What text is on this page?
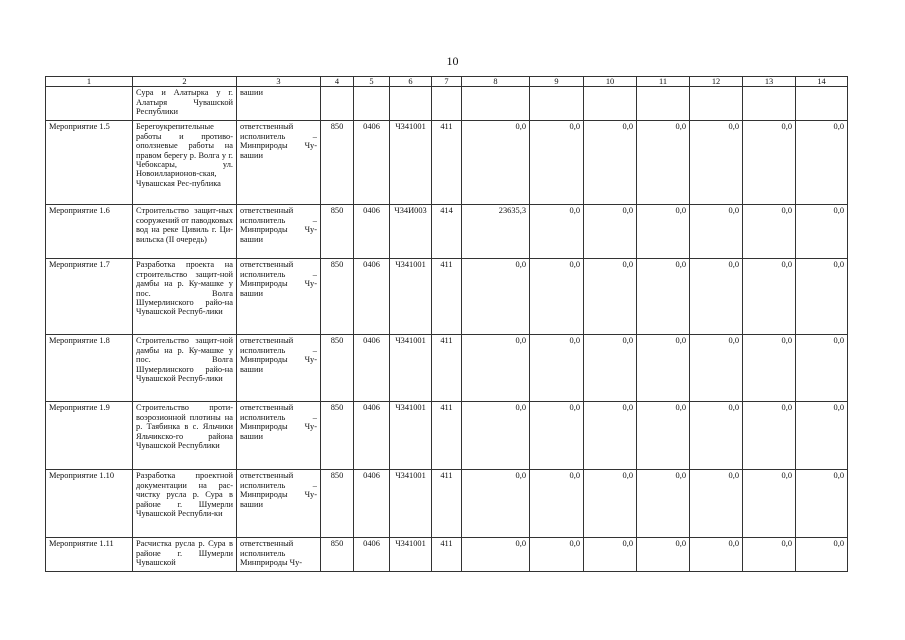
10
1	2	3	4	5	6	7	8	9	10	11	12	13	14
	Сура и Алатырка у г. Алатыря Чувашской Республики	вашии											
Мероприятие 1.5	Берегоукрепительные работы и противо-оползневые работы на правом берегу р. Волга у г. Чебоксары, ул. Новоилларионов-ская, Чувашская Рес-публика	ответственный исполнитель – Минприроды Чу-вашии	850	0406	Ч341001	411	0,0	0,0	0,0	0,0	0,0	0,0	0,0
Мероприятие 1.6	Строительство защит-ных сооружений от паводковых вод на реке Цивиль г. Ци-вильска (II очередь)	ответственный исполнитель – Минприроды Чу-вашии	850	0406	Ч34И003	414	23635,3	0,0	0,0	0,0	0,0	0,0	0,0
Мероприятие 1.7	Разработка проекта на строительство защит-ной дамбы на р. Ку-машке у пос. Волга Шумерлинского райо-на Чувашской Респуб-лики	ответственный исполнитель – Минприроды Чу-вашии	850	0406	Ч341001	411	0,0	0,0	0,0	0,0	0,0	0,0	0,0
Мероприятие 1.8	Строительство защит-ной дамбы на р. Ку-машке у пос. Волга Шумерлинского райо-на Чувашской Респуб-лики	ответственный исполнитель – Минприроды Чу-вашии	850	0406	Ч341001	411	0,0	0,0	0,0	0,0	0,0	0,0	0,0
Мероприятие 1.9	Строительство проти-воэрозионной плотины на р. Таябинка в с. Яльчики Яльчикско-го района Чувашской Республики	ответственный исполнитель – Минприроды Чу-вашии	850	0406	Ч341001	411	0,0	0,0	0,0	0,0	0,0	0,0	0,0
Мероприятие 1.10	Разработка проектной документации на рас-чистку русла р. Сура в районе г. Шумерли Чувашской Республи-ки	ответственный исполнитель – Минприроды Чу-вашии	850	0406	Ч341001	411	0,0	0,0	0,0	0,0	0,0	0,0	0,0
Мероприятие 1.11	Расчистка русла р. Сура в районе г. Шумерли Чувашской	ответственный исполнитель Минприроды Чу-	850	0406	Ч341001	411	0,0	0,0	0,0	0,0	0,0	0,0	0,0
